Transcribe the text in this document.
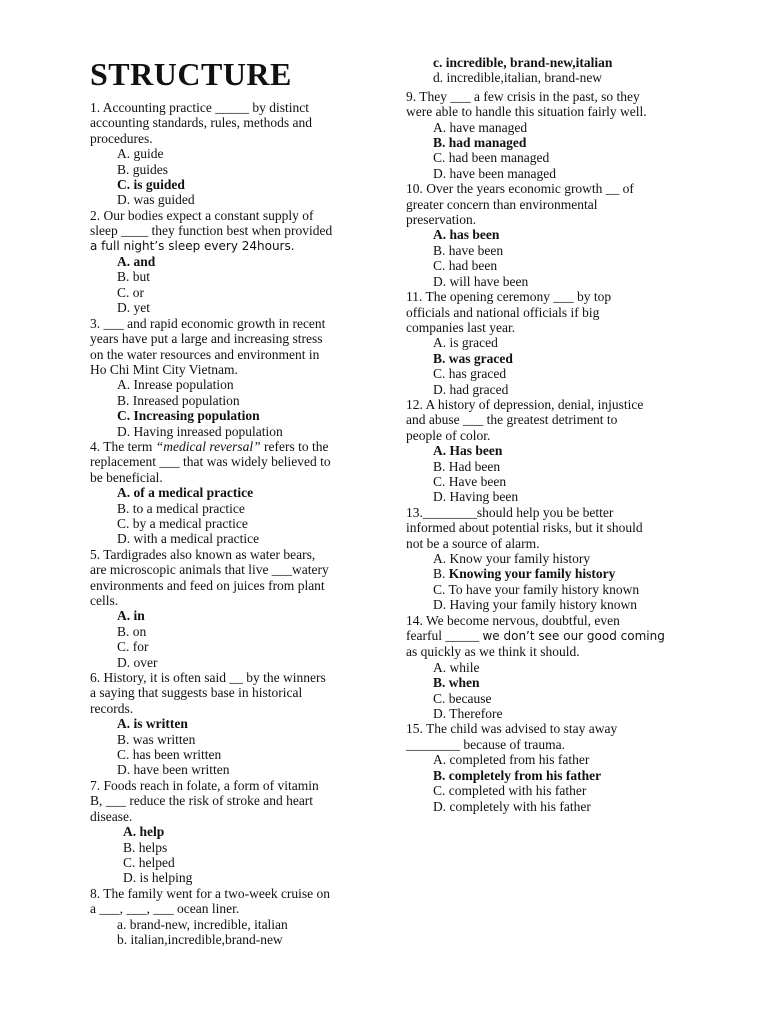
STRUCTURE

1. Accounting practice _____ by distinct

accounting standards, rules, methods and

procedures.

A. guide

B. guides

C. is guided

D. was guided

2. Our bodies expect a constant supply of

sleep ____ they function best when provided

a full night’s sleep every 24hours.

A. and

B. but

C. or

D. yet

3. ___ and rapid economic growth in recent

years have put a large and increasing stress

on the water resources and environment in

Ho Chi Mint City Vietnam.

A. Inrease population

B. Inreased population

C. Increasing population

D. Having inreased population

4. The term “medical reversal” refers to the

replacement ___ that was widely believed to

be beneficial.

A. of a medical practice

B. to a medical practice

C. by a medical practice

D. with a medical practice

5. Tardigrades also known as water bears,

are microscopic animals that live ___watery

environments and feed on juices from plant

cells.

A. in

B. on

C. for

D. over

6. History, it is often said __ by the winners

a saying that suggests base in historical

records.

A. is written

B. was written

C. has been written

D. have been written

7. Foods reach in folate, a form of vitamin

B, ___ reduce the risk of stroke and heart

disease.

A. help

B. helps

C. helped

D. is helping

8. The family went for a two-week cruise on

a ___, ___, ___ ocean liner.

a. brand-new, incredible, italian

b. italian,incredible,brand-new

c. incredible, brand-new,italian

d. incredible,italian, brand-new

9. They ___ a few crisis in the past, so they

were able to handle this situation fairly well.

A. have managed

B. had managed

C. had been managed

D. have been managed

10. Over the years economic growth __ of

greater concern than environmental

preservation.

A. has been

B. have been

C. had been

D. will have been

11. The opening ceremony ___ by top

officials and national officials if big

companies last year.

A. is graced

B. was graced

C. has graced

D. had graced

12. A history of depression, denial, injustice

and abuse ___ the greatest detriment to

people of color.

A. Has been

B. Had been

C. Have been

D. Having been

13.________should help you be better

informed about potential risks, but it should

not be a source of alarm.

A. Know your family history

B. Knowing your family history

C. To have your family history known

D. Having your family history known

14. We become nervous, doubtful, even

fearful _____ we don’t see our good coming

as quickly as we think it should.

A. while

B. when

C. because

D. Therefore

15. The child was advised to stay away

________ because of trauma.

A. completed from his father

B. completely from his father

C. completed with his father

D. completely with his father
